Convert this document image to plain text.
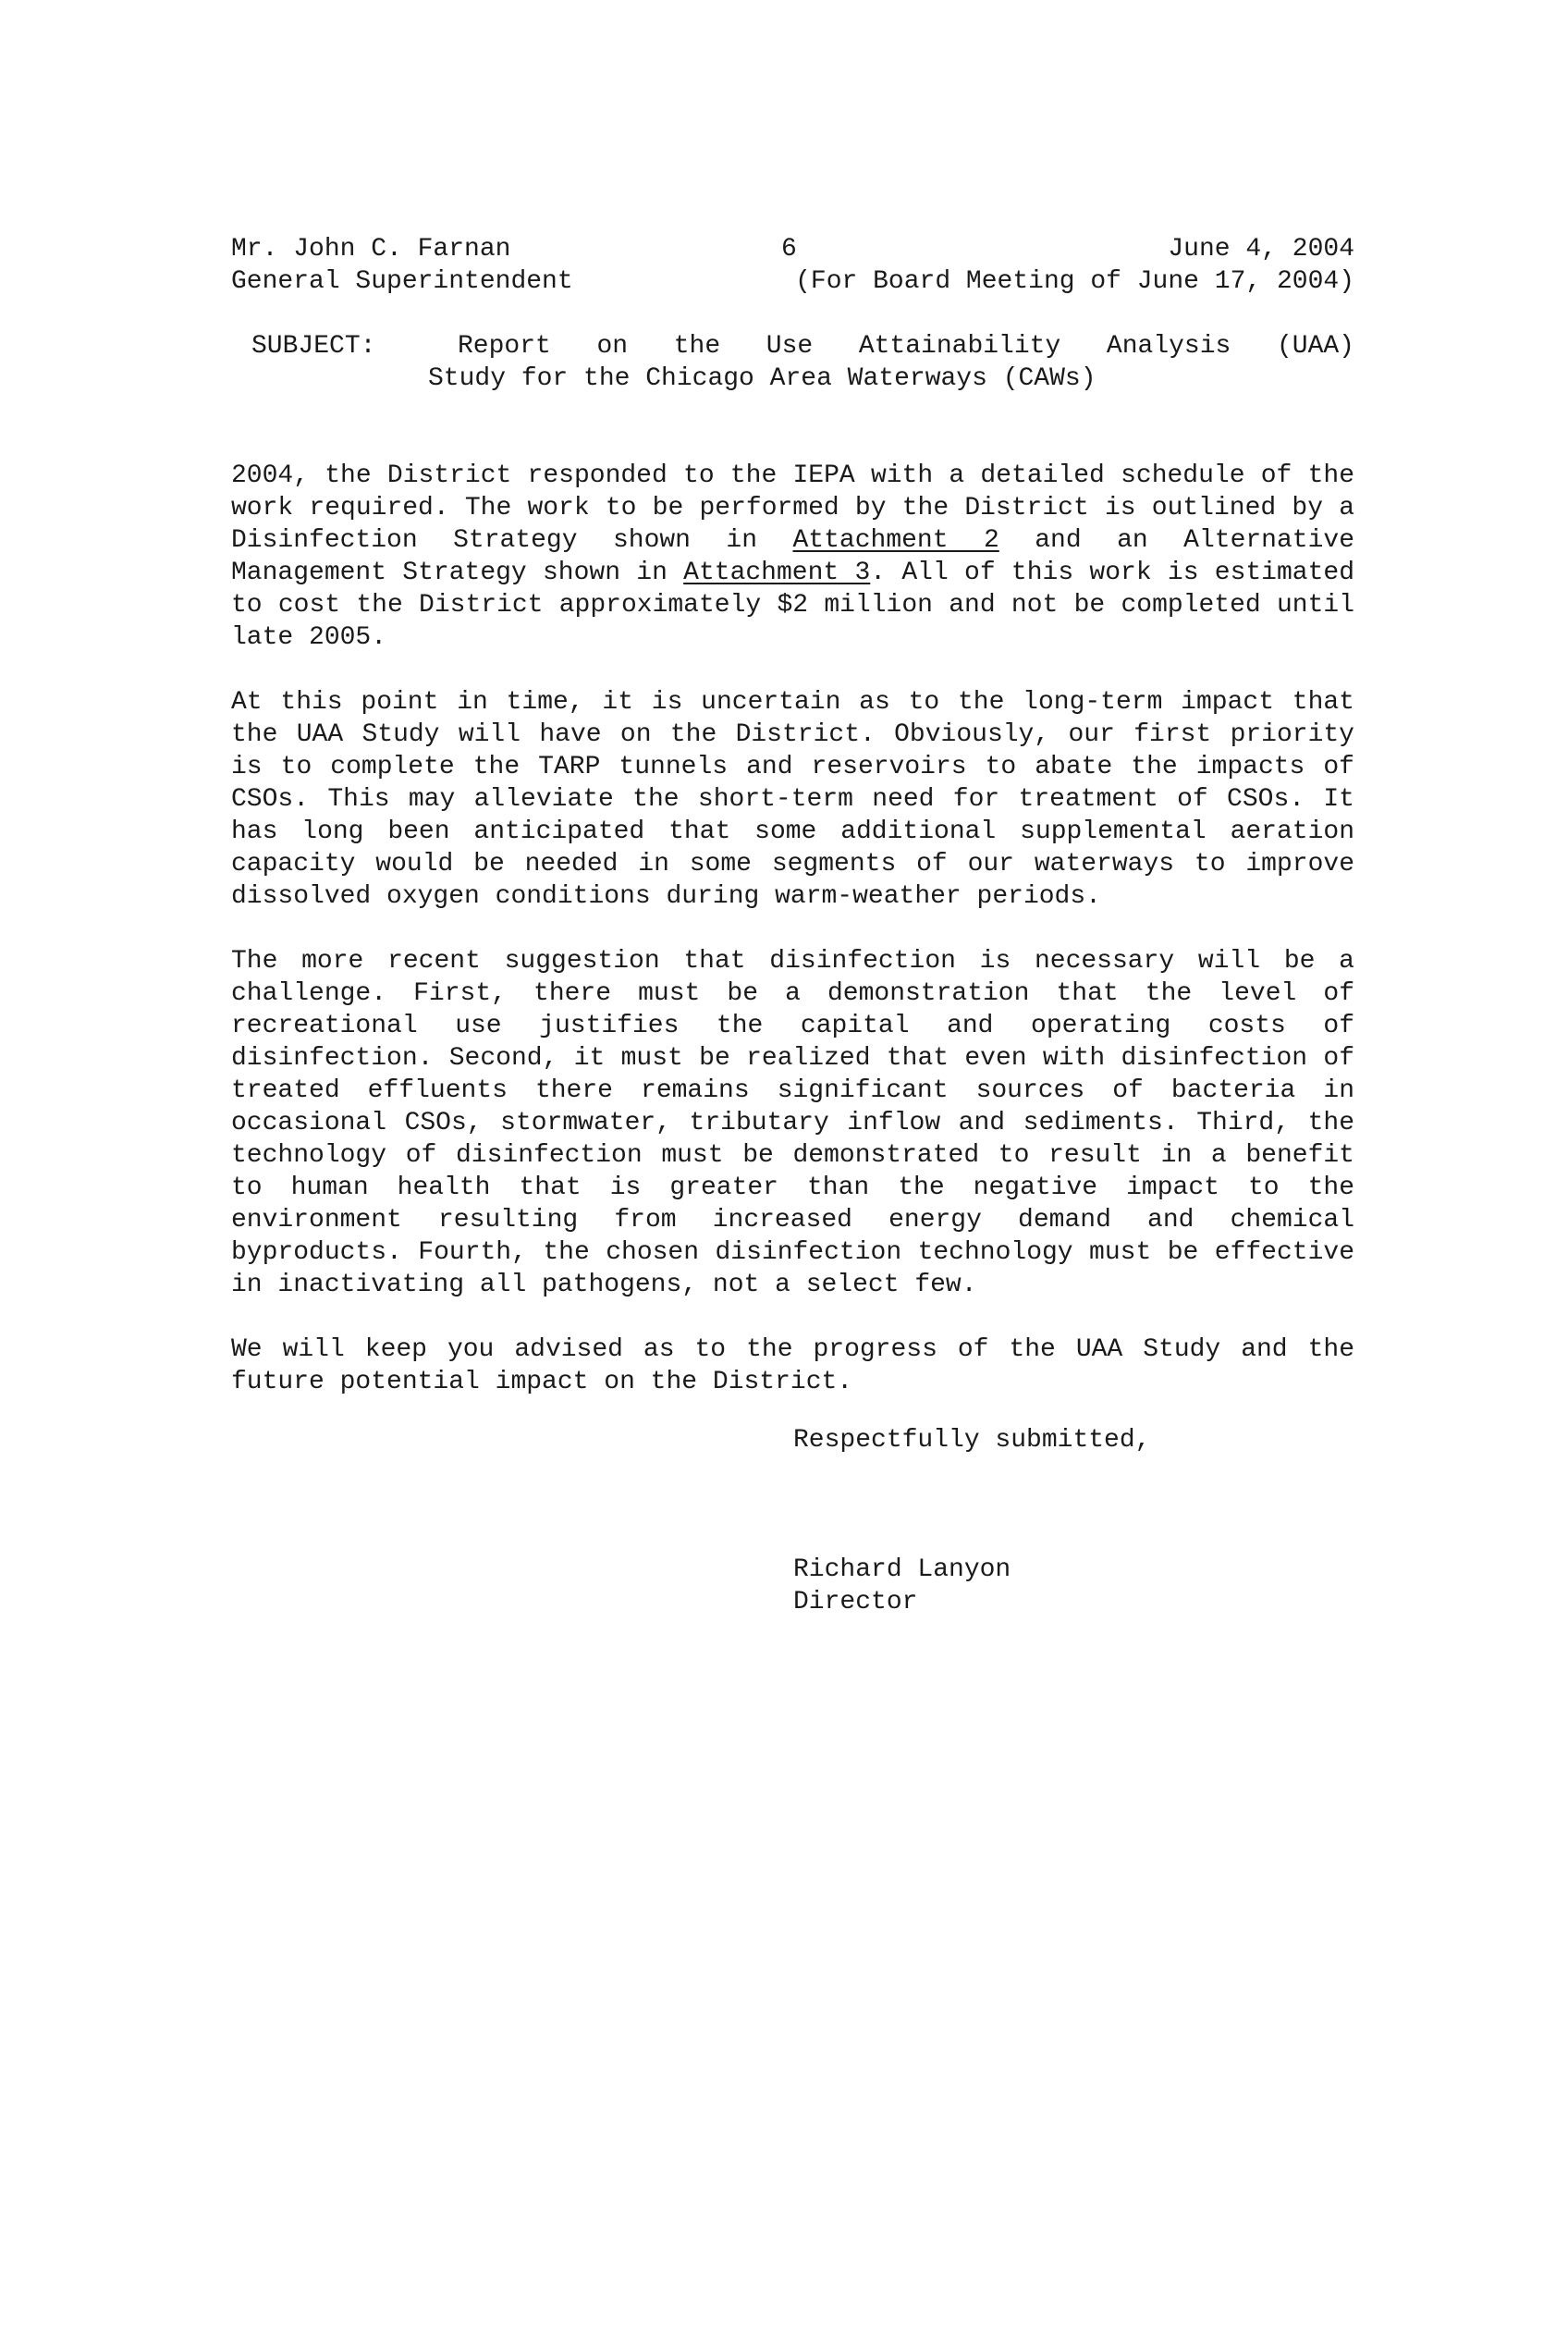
Mr. John C. Farnan

	6

	June 4, 2004

General Superintendent

	(For Board Meeting of June 17, 2004)

SUBJECT:	Report on the Use Attainability Analysis (UAA)
Study for the Chicago Area Waterways (CAWs)

2004, the District responded to the IEPA with a detailed schedule of the work required. The work to be performed by the District is outlined by a Disinfection Strategy shown in Attachment 2 and an Alternative Management Strategy shown in Attachment 3. All of this work is estimated to cost the District approximately $2 million and not be completed until late 2005.

At this point in time, it is uncertain as to the long-term impact that the UAA Study will have on the District. Obviously, our first priority is to complete the TARP tunnels and reservoirs to abate the impacts of CSOs. This may alleviate the short-term need for treatment of CSOs. It has long been anticipated that some additional supplemental aeration capacity would be needed in some segments of our waterways to improve dissolved oxygen conditions during warm-weather periods.

The more recent suggestion that disinfection is necessary will be a challenge. First, there must be a demonstration that the level of recreational use justifies the capital and operating costs of disinfection. Second, it must be realized that even with disinfection of treated effluents there remains significant sources of bacteria in occasional CSOs, stormwater, tributary inflow and sediments. Third, the technology of disinfection must be demonstrated to result in a benefit to human health that is greater than the negative impact to the environment resulting from increased energy demand and chemical byproducts. Fourth, the chosen disinfection technology must be effective in inactivating all pathogens, not a select few.

We will keep you advised as to the progress of the UAA Study and the future potential impact on the District.

Respectfully submitted,
Richard Lanyon
Director
